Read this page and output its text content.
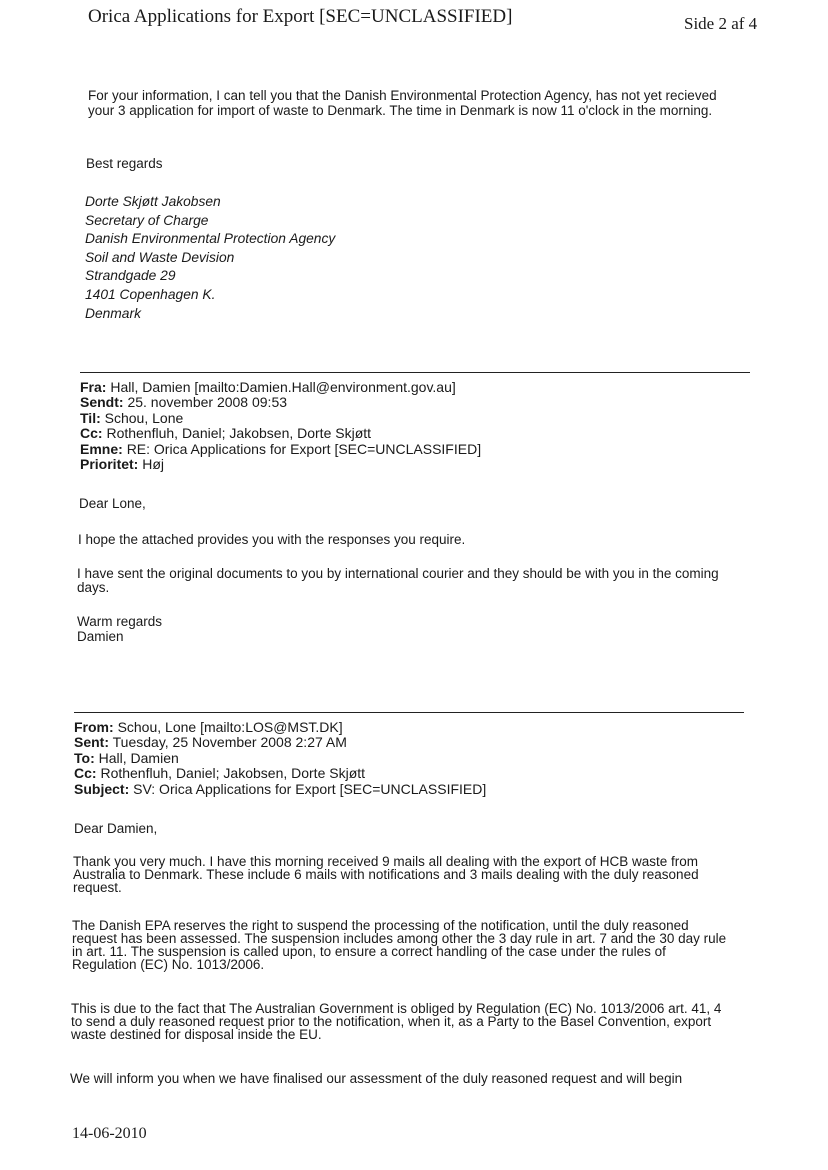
Orica Applications for Export [SEC=UNCLASSIFIED]	Side 2 af 4
For your information, I can tell you that the Danish Environmental Protection Agency, has not yet recieved
your 3 application for import of waste to Denmark. The time in Denmark is now 11 o'clock in the morning.
Best regards
Dorte Skjøtt Jakobsen
Secretary of Charge
Danish Environmental Protection Agency
Soil and Waste Devision
Strandgade 29
1401 Copenhagen K.
Denmark
Fra: Hall, Damien [mailto:Damien.Hall@environment.gov.au]
Sendt: 25. november 2008 09:53
Til: Schou, Lone
Cc: Rothenfluh, Daniel; Jakobsen, Dorte Skjøtt
Emne: RE: Orica Applications for Export [SEC=UNCLASSIFIED]
Prioritet: Høj
Dear Lone,
I hope the attached provides you with the responses you require.
I have sent the original documents to you by international courier and they should be with you in the coming
days.
Warm regards
Damien
From: Schou, Lone [mailto:LOS@MST.DK]
Sent: Tuesday, 25 November 2008 2:27 AM
To: Hall, Damien
Cc: Rothenfluh, Daniel; Jakobsen, Dorte Skjøtt
Subject: SV: Orica Applications for Export [SEC=UNCLASSIFIED]
Dear Damien,
Thank you very much. I have this morning received 9 mails all dealing with the export of HCB waste from
Australia to Denmark. These include 6 mails with notifications and 3 mails dealing with the duly reasoned
request.
The Danish EPA reserves the right to suspend the processing of the notification, until the duly reasoned
request has been assessed. The suspension includes among other the 3 day rule in art. 7 and the 30 day rule
in art. 11. The suspension is called upon, to ensure a correct handling of the case under the rules of
Regulation (EC) No. 1013/2006.
This is due to the fact that The Australian Government is obliged by Regulation (EC) No. 1013/2006 art. 41, 4
to send a duly reasoned request prior to the notification, when it, as a Party to the Basel Convention, export
waste destined for disposal inside the EU.
We will inform you when we have finalised our assessment of the duly reasoned request and will begin
14-06-2010
